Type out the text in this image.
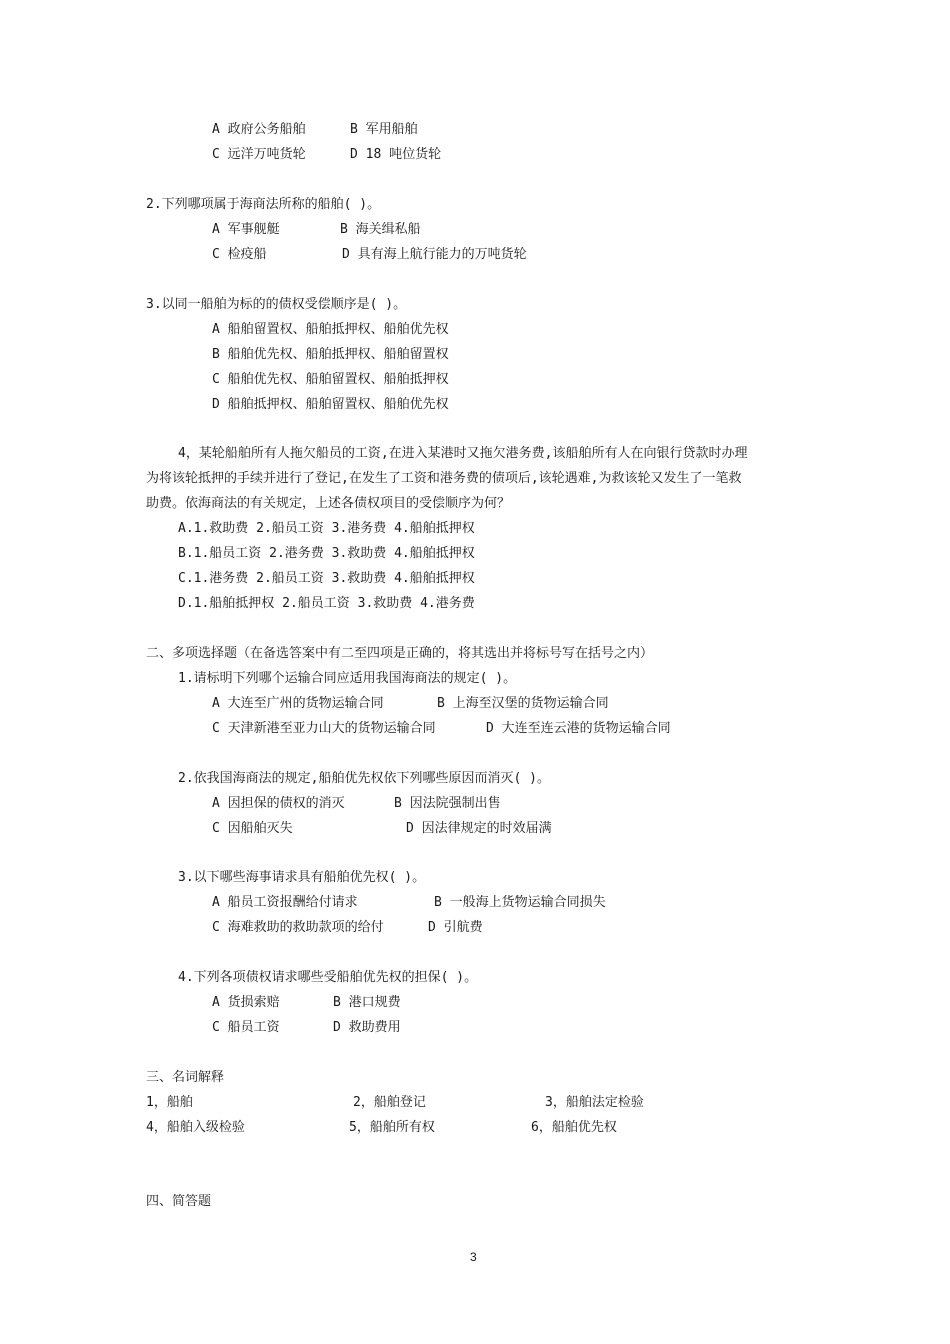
A 政府公务船舶	B 军用船舶
C 远洋万吨货轮	D 18 吨位货轮
2.下列哪项属于海商法所称的船舶( )。
A 军事舰艇	B 海关缉私船
C 检疫船	D 具有海上航行能力的万吨货轮
3.以同一船舶为标的的债权受偿顺序是( )。
A 船舶留置权、船舶抵押权、船舶优先权
B 船舶优先权、船舶抵押权、船舶留置权
C 船舶优先权、船舶留置权、船舶抵押权
D 船舶抵押权、船舶留置权、船舶优先权
4，某轮船舶所有人拖欠船员的工资,在进入某港时又拖欠港务费,该船舶所有人在向银行贷款时办理
为将该轮抵押的手续并进行了登记,在发生了工资和港务费的债项后,该轮遇难,为救该轮又发生了一笔救
助费。依海商法的有关规定，上述各债权项目的受偿顺序为何？
A.1.救助费 2.船员工资 3.港务费 4.船舶抵押权
B.1.船员工资 2.港务费 3.救助费 4.船舶抵押权
C.1.港务费 2.船员工资 3.救助费 4.船舶抵押权
D.1.船舶抵押权 2.船员工资 3.救助费 4.港务费
二、多项选择题（在备选答案中有二至四项是正确的，将其选出并将标号写在括号之内）
1.请标明下列哪个运输合同应适用我国海商法的规定( )。
A 大连至广州的货物运输合同	B 上海至汉堡的货物运输合同
C 天津新港至亚力山大的货物运输合同	D 大连至连云港的货物运输合同
2.依我国海商法的规定,船舶优先权依下列哪些原因而消灭( )。
A 因担保的债权的消灭	B 因法院强制出售
C 因船舶灭失	D 因法律规定的时效届满
3.以下哪些海事请求具有船舶优先权( )。
A 船员工资报酬给付请求	B 一般海上货物运输合同损失
C 海难救助的救助款项的给付	D 引航费
4.下列各项债权请求哪些受船舶优先权的担保( )。
A 货损索赔	B 港口规费
C 船员工资	D 救助费用
三、名词解释
1，船舶	2，船舶登记	3，船舶法定检验
4，船舶入级检验	5，船舶所有权	6，船舶优先权
四、简答题
3
